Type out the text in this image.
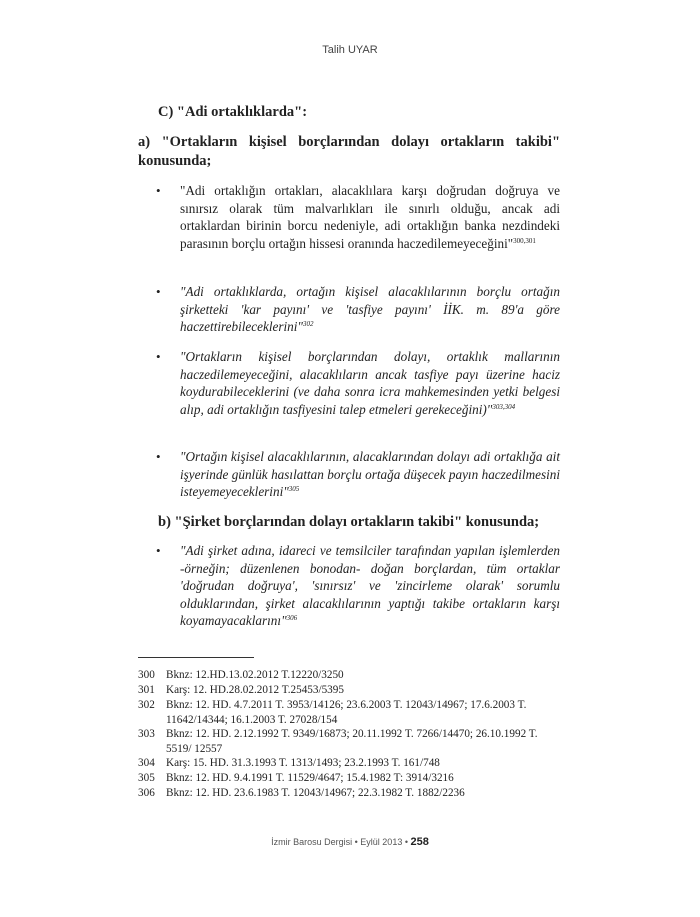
Talih UYAR
C) "Adi ortaklıklarda":
a) "Ortakların kişisel borçlarından dolayı ortakların takibi" konusunda;
• "Adi ortaklığın ortakları, alacaklılara karşı doğrudan doğruya ve sınırsız olarak tüm malvarlıkları ile sınırlı olduğu, ancak adi ortaklardan birinin borcu nedeniyle, adi ortaklığın banka nezdindeki parasının borçlu ortağın hissesi oranında haczedilemeyeceğini"$^{300,301}$
• "Adi ortaklıklarda, ortağın kişisel alacaklılarının borçlu ortağın şirketteki 'kar payını' ve 'tasfiye payını' İİK. m. 89'a göre haczettirebileceklerini"$^{302}$
• "Ortakların kişisel borçlarından dolayı, ortaklık mallarının haczedilemeyeceğini, alacaklıların ancak tasfiye payı üzerine haciz koydurabileceklerini (ve daha sonra icra mahkemesinden yetki belgesi alıp, adi ortaklığın tasfiyesini talep etmeleri gerekeceğini)"$^{303,304}$
• "Ortağın kişisel alacaklılarının, alacaklarından dolayı adi ortaklığa ait işyerinde günlük hasılattan borçlu ortağa düşecek payın haczedilmesini isteyemeyeceklerini"$^{305}$
b) "Şirket borçlarından dolayı ortakların takibi" konusunda;
• "Adi şirket adına, idareci ve temsilciler tarafından yapılan işlemlerden -örneğin; düzenlenen bonodan- doğan borçlardan, tüm ortaklar 'doğrudan doğruya', 'sınırsız' ve 'zincirleme olarak' sorumlu olduklarından, şirket alacaklılarının yaptığı takibe ortakların karşı koyamayacaklarını"$^{306}$
300 Bknz: 12.HD.13.02.2012 T.12220/3250
301 Karş: 12. HD.28.02.2012 T.25453/5395
302 Bknz: 12. HD. 4.7.2011 T. 3953/14126; 23.6.2003 T. 12043/14967; 17.6.2003 T. 11642/14344; 16.1.2003 T. 27028/154
303 Bknz: 12. HD. 2.12.1992 T. 9349/16873; 20.11.1992 T. 7266/14470; 26.10.1992 T. 5519/ 12557
304 Karş: 15. HD. 31.3.1993 T. 1313/1493; 23.2.1993 T. 161/748
305 Bknz: 12. HD. 9.4.1991 T. 11529/4647; 15.4.1982 T: 3914/3216
306 Bknz: 12. HD. 23.6.1983 T. 12043/14967; 22.3.1982 T. 1882/2236
İzmir Barosu Dergisi • Eylül 2013 • 258
